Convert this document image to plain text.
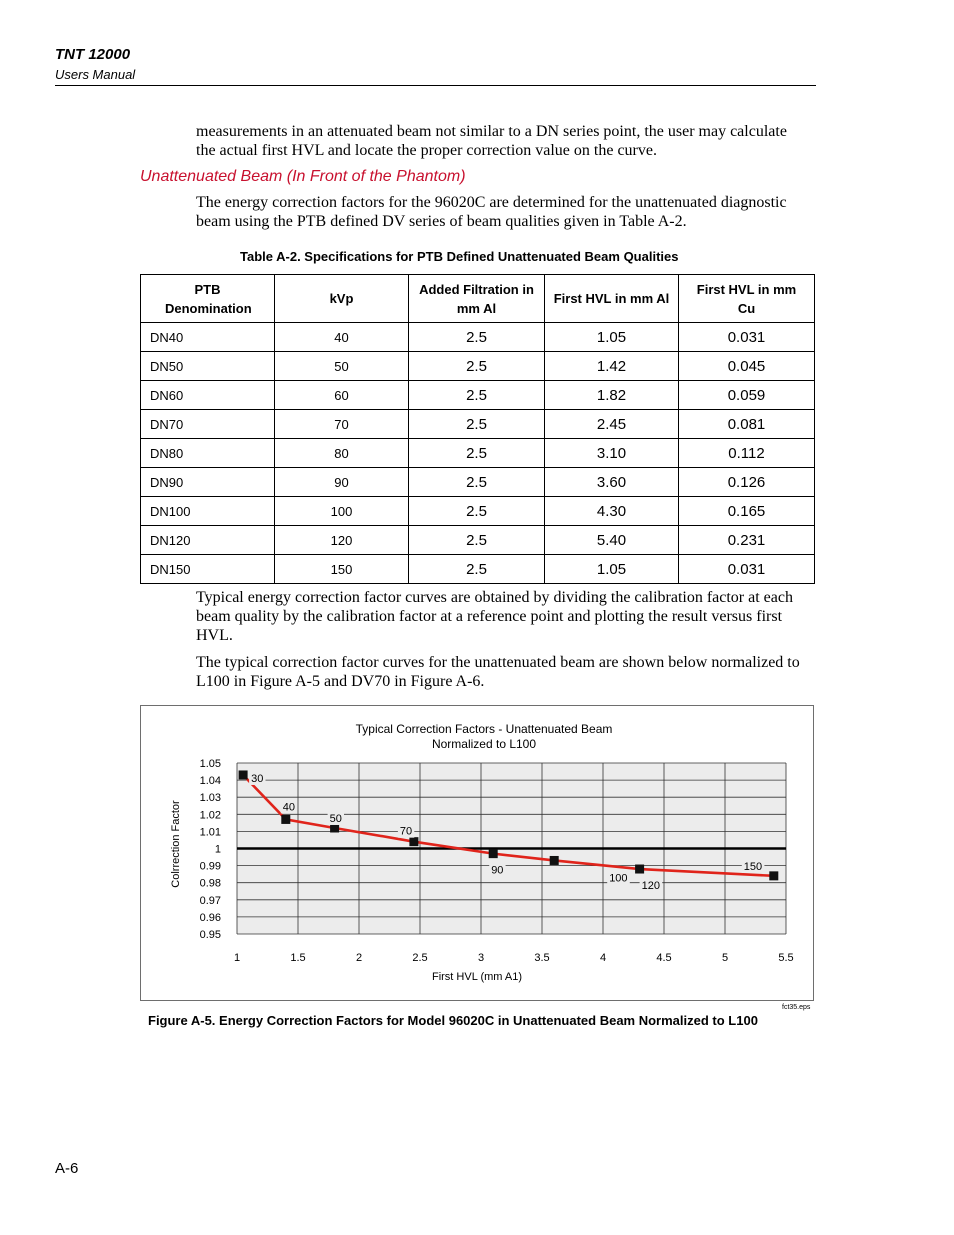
TNT 12000
Users Manual
measurements in an attenuated beam not similar to a DN series point, the user may calculate the actual first HVL and locate the proper correction value on the curve.
Unattenuated Beam (In Front of the Phantom)
The energy correction factors for the 96020C are determined for the unattenuated diagnostic beam using the PTB defined DV series of beam qualities given in Table A-2.
Table A-2. Specifications for PTB Defined Unattenuated Beam Qualities
PTB Denomination	kVp	Added Filtration in mm Al	First HVL in mm Al	First HVL in mm Cu
DN40	40	2.5	1.05	0.031
DN50	50	2.5	1.42	0.045
DN60	60	2.5	1.82	0.059
DN70	70	2.5	2.45	0.081
DN80	80	2.5	3.10	0.112
DN90	90	2.5	3.60	0.126
DN100	100	2.5	4.30	0.165
DN120	120	2.5	5.40	0.231
DN150	150	2.5	1.05	0.031
Typical energy correction factor curves are obtained by dividing the calibration factor at each beam quality by the calibration factor at a reference point and plotting the result versus first HVL.
The typical correction factor curves for the unattenuated beam are shown below normalized to L100 in Figure A-5 and DV70 in Figure A-6.
Typical Correction Factors - Unattenuated Beam
Normalized to L100
Colrrection Factor
First HVL (mm A1)
0.95
0.96
0.97
0.98
0.99
1
1.01
1.02
1.03
1.04
1.05
1	1.5	2	2.5	3	3.5	4	4.5	5	5.5
30
40
50
70
90
100
120
150
fct35.eps
Figure A-5. Energy Correction Factors for Model 96020C in Unattenuated Beam Normalized to L100
A-6
